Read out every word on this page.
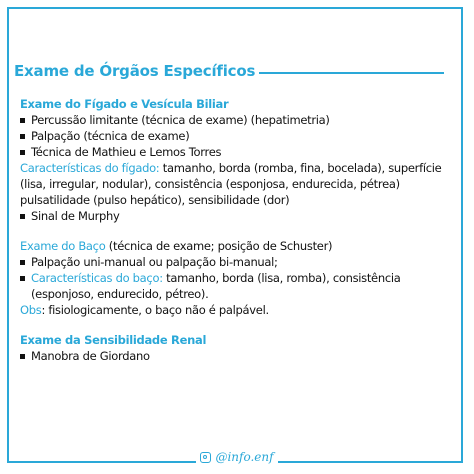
Exame de Órgãos Específicos
Exame do Fígado e Vesícula Biliar
Percussão limitante (técnica de exame) (hepatimetria)
Palpação (técnica de exame)
Técnica de Mathieu e Lemos Torres

Características do fígado: tamanho, borda (romba, fina, bocelada), superfície (lisa, irregular, nodular), consistência (esponjosa, endurecida, pétrea) pulsatilidade (pulso hepático), sensibilidade (dor)

Sinal de Murphy

Exame do Baço (técnica de exame; posição de Schuster)

Palpação uni-manual ou palpação bi-manual;
Características do baço: tamanho, borda (lisa, romba), consistência (esponjoso, endurecido, pétreo).

Obs: fisiologicamente, o baço não é palpável.

Exame da Sensibilidade Renal
Manobra de Giordano
@info.enf
